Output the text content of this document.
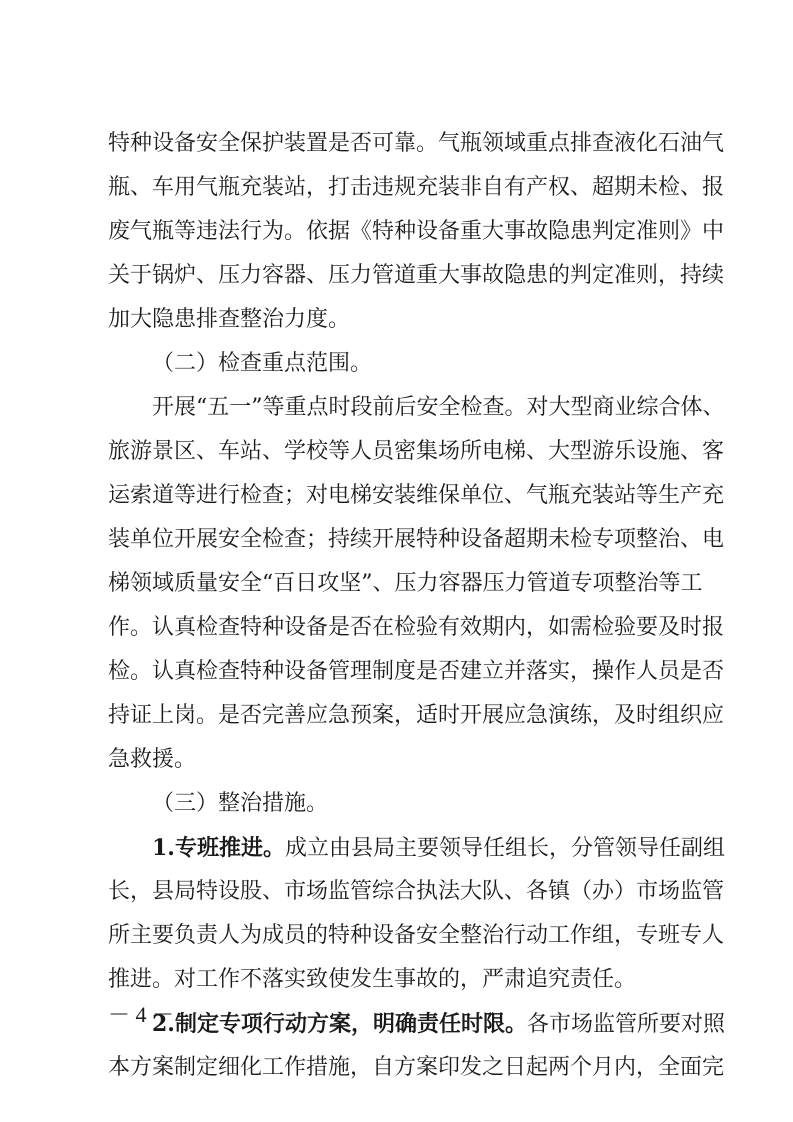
特种设备安全保护装置是否可靠。气瓶领域重点排查液化石油气
瓶、车用气瓶充装站，打击违规充装非自有产权、超期未检、报
废气瓶等违法行为。依据《特种设备重大事故隐患判定准则》中
关于锅炉、压力容器、压力管道重大事故隐患的判定准则，持续
加大隐患排查整治力度。
（二）检查重点范围。
开展“五一”等重点时段前后安全检查。对大型商业综合体、
旅游景区、车站、学校等人员密集场所电梯、大型游乐设施、客
运索道等进行检查；对电梯安装维保单位、气瓶充装站等生产充
装单位开展安全检查；持续开展特种设备超期未检专项整治、电
梯领域质量安全“百日攻坚”、压力容器压力管道专项整治等工
作。认真检查特种设备是否在检验有效期内，如需检验要及时报
检。认真检查特种设备管理制度是否建立并落实，操作人员是否
持证上岗。是否完善应急预案，适时开展应急演练，及时组织应
急救援。
（三）整治措施。
1.专班推进。成立由县局主要领导任组长，分管领导任副组
长，县局特设股、市场监管综合执法大队、各镇（办）市场监管
所主要负责人为成员的特种设备安全整治行动工作组，专班专人
推进。对工作不落实致使发生事故的，严肃追究责任。
2.制定专项行动方案，明确责任时限。各市场监管所要对照
本方案制定细化工作措施，自方案印发之日起两个月内，全面完
－ 4 －
